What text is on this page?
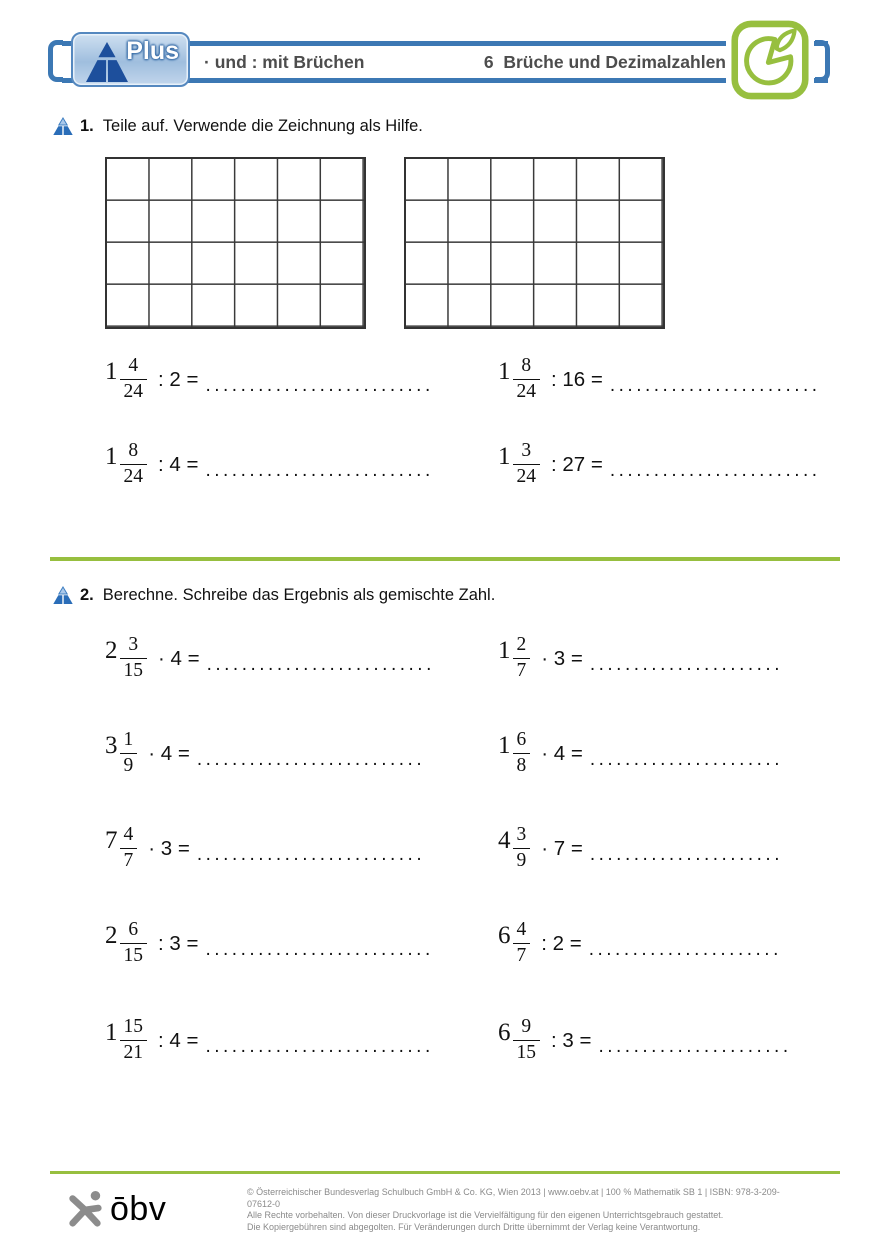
Plus · und : mit Brüchen	6  Brüche und Dezimalzahlen
1. Teile auf. Verwende die Zeichnung als Hilfe.
$1 \frac{4}{24}$ : 2 = ..........................
$1 \frac{8}{24}$ : 16 = ........................
$1 \frac{8}{24}$ : 4 = ..........................
$1 \frac{3}{24}$ : 27 = ........................
2. Berechne. Schreibe das Ergebnis als gemischte Zahl.
$2 \frac{3}{15} \cdot 4$ = ..........................
$1 \frac{2}{7} \cdot 3$ = ......................
$3 \frac{1}{9} \cdot 4$ = ..........................
$1 \frac{6}{8} \cdot 4$ = ......................
$7 \frac{4}{7} \cdot 3$ = ..........................
$4 \frac{3}{9} \cdot 7$ = ......................
$2 \frac{6}{15}$ : 3 = ..........................
$6 \frac{4}{7}$ : 2 = ......................
$1 \frac{15}{21}$ : 4 = ..........................
$6 \frac{9}{15}$ : 3 = ......................
ōbv	© Österreichischer Bundesverlag Schulbuch GmbH & Co. KG, Wien 2013 | www.oebv.at | 100 % Mathematik SB 1 | ISBN: 978-3-209-07612-0
Alle Rechte vorbehalten. Von dieser Druckvorlage ist die Vervielfältigung für den eigenen Unterrichtsgebrauch gestattet.
Die Kopiergebühren sind abgegolten. Für Veränderungen durch Dritte übernimmt der Verlag keine Verantwortung.
